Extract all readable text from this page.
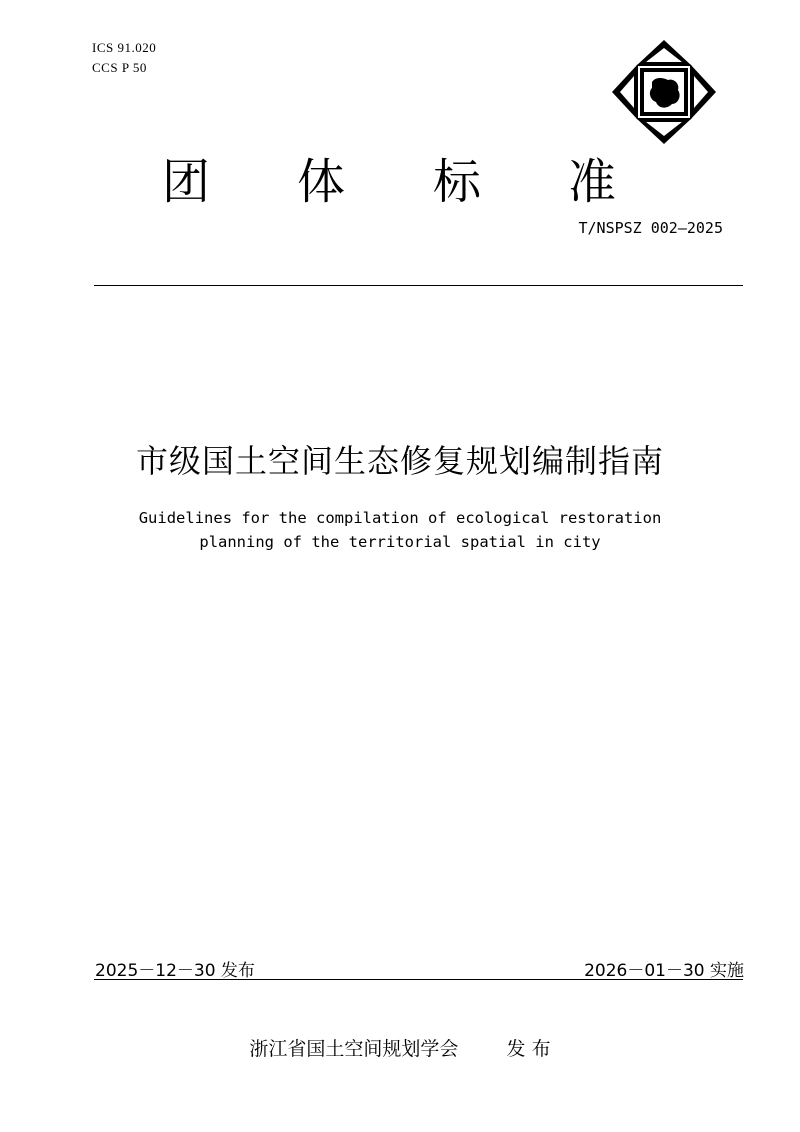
ICS 91.020
CCS P 50
团 体 标 准
T/NSPSZ 002—2025
市级国土空间生态修复规划编制指南
Guidelines for the compilation of ecological restoration
planning of the territorial spatial in city
2025－12－30 发布	2026－01－30 实施
浙江省国土空间规划学会	发 布
